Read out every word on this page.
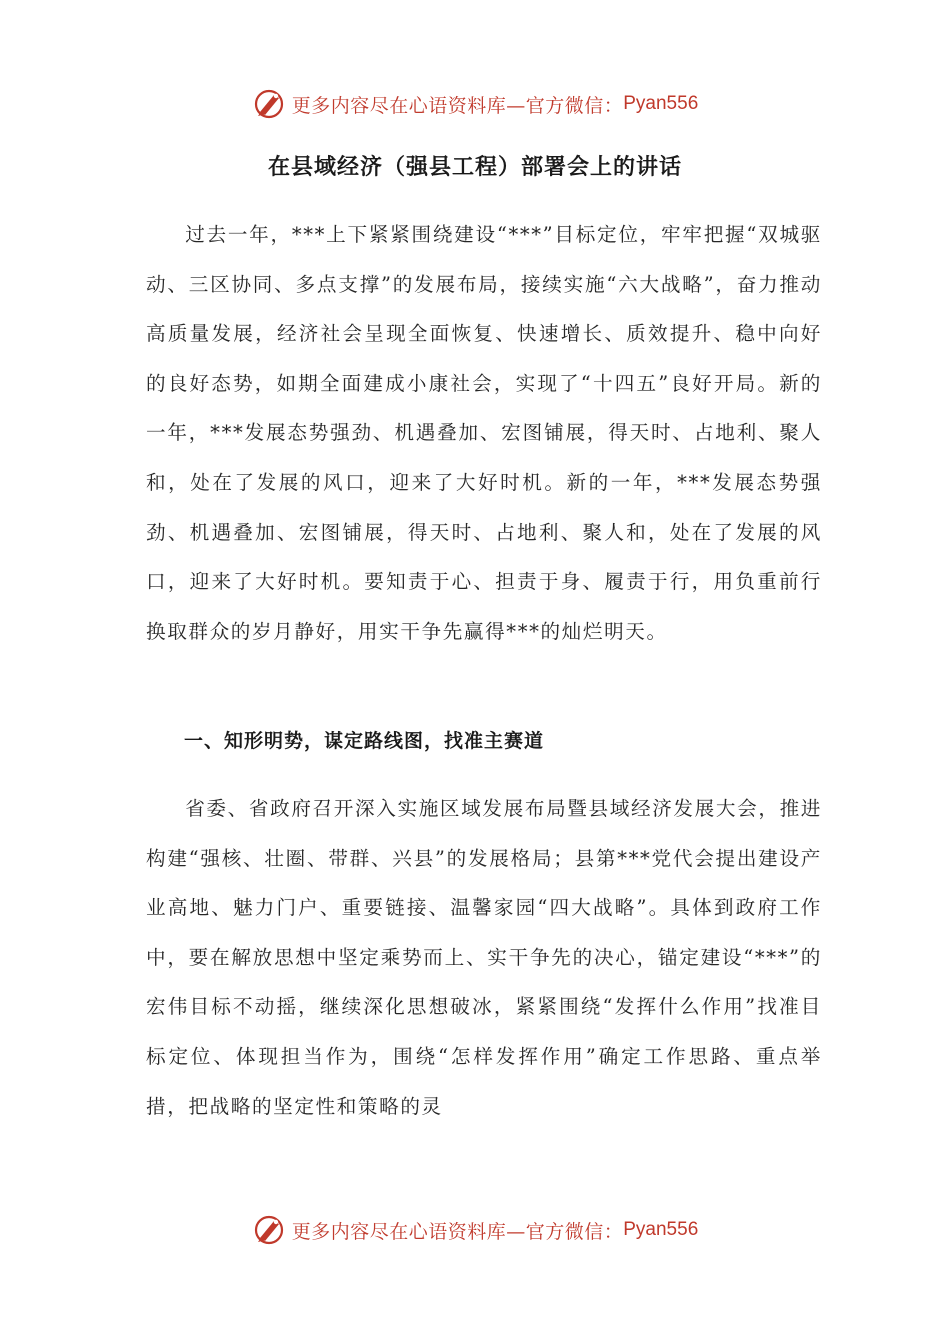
更多内容尽在心语资料库—官方微信： Pyan556
在县域经济（强县工程）部署会上的讲话

过去一年，***上下紧紧围绕建设“***”目标定位，牢牢把握“双城驱动、三区协同、多点支撑”的发展布局，接续实施“六大战略”，奋力推动高质量发展，经济社会呈现全面恢复、快速增长、质效提升、稳中向好的良好态势，如期全面建成小康社会，实现了“十四五”良好开局。新的一年，***发展态势强劲、机遇叠加、宏图铺展，得天时、占地利、聚人和，处在了发展的风口，迎来了大好时机。新的一年，***发展态势强劲、机遇叠加、宏图铺展，得天时、占地利、聚人和，处在了发展的风口，迎来了大好时机。要知责于心、担责于身、履责于行，用负重前行换取群众的岁月静好，用实干争先赢得***的灿烂明天。

一、知形明势，谋定路线图，找准主赛道

省委、省政府召开深入实施区域发展布局暨县域经济发展大会，推进构建“强核、壮圈、带群、兴县”的发展格局；县第***党代会提出建设产业高地、魅力门户、重要链接、温馨家园“四大战略”。具体到政府工作中，要在解放思想中坚定乘势而上、实干争先的决心，锚定建设“***”的宏伟目标不动摇，继续深化思想破冰，紧紧围绕“发挥什么作用”找准目标定位、体现担当作为，围绕“怎样发挥作用”确定工作思路、重点举措，把战略的坚定性和策略的灵

更多内容尽在心语资料库—官方微信： Pyan556
